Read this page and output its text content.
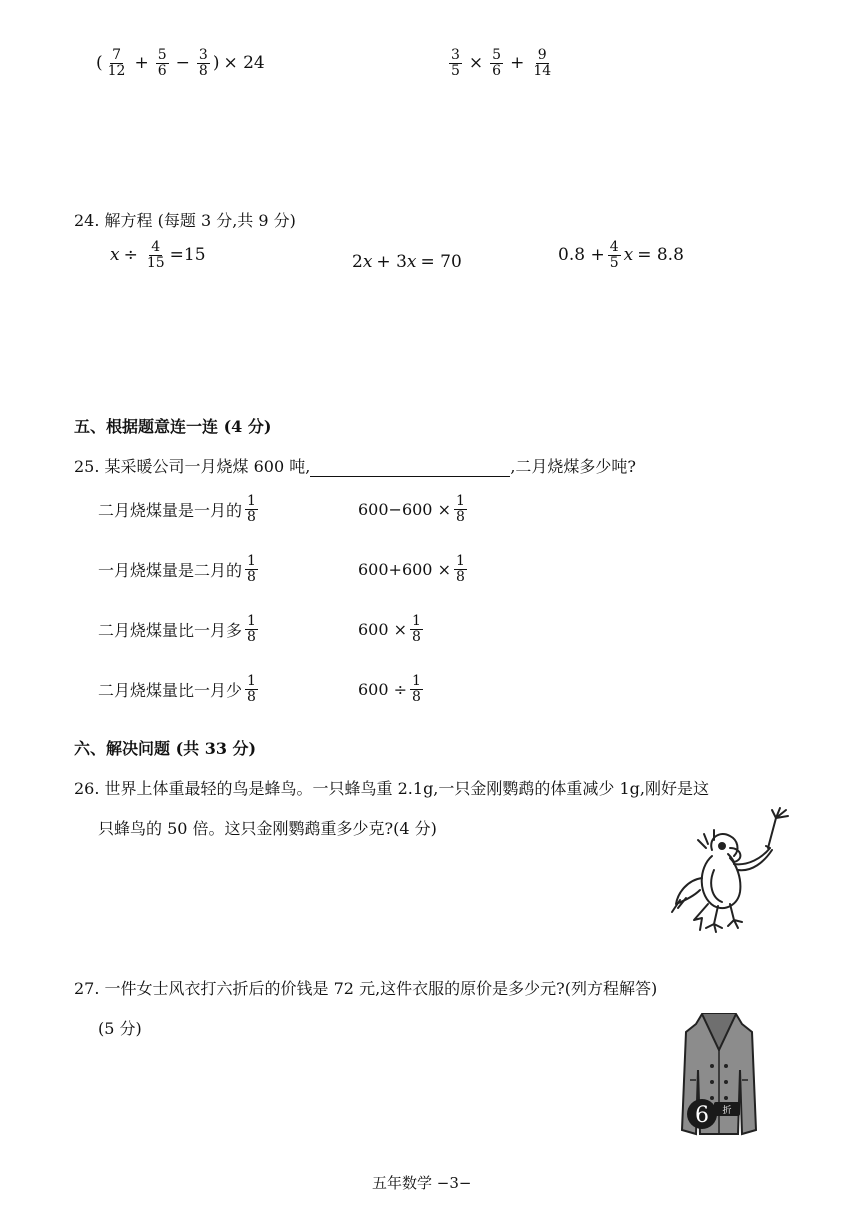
( $\frac{7}{12} + \frac{5}{6} - \frac{3}{8}$ ) × 24	$\frac{3}{5} \times \frac{5}{6} + \frac{9}{14}$
24. 解方程 (每题 3 分,共 9 分)
$x \div \frac{4}{15} =15$	2 x + 3 x = 70	$0.8 + \frac{4}{5}$ x = 8.8
五、根据题意连一连 (4 分)
25. 某采暖公司一月烧煤 600 吨,	,二月烧煤多少吨?
二月烧煤量是一月的 $\frac{1}{8}$
一月烧煤量是二月的 $\frac{1}{8}$
二月烧煤量比一月多 $\frac{1}{8}$
二月烧煤量比一月少 $\frac{1}{8}$
$600-600 \times \frac{1}{8}$
$600+600 \times \frac{1}{8}$
$600 \times \frac{1}{8}$
$600 \div \frac{1}{8}$
六、解决问题 (共 33 分)
26. 世界上体重最轻的鸟是蜂鸟。一只蜂鸟重 2.1g,一只金刚鹦鹉的体重减少 1g,刚好是这
只蜂鸟的 50 倍。这只金刚鹦鹉重多少克?(4 分)
27. 一件女士风衣打六折后的价钱是 72 元,这件衣服的原价是多少元?(列方程解答)
(5 分)
6 折
五年数学 −3−
